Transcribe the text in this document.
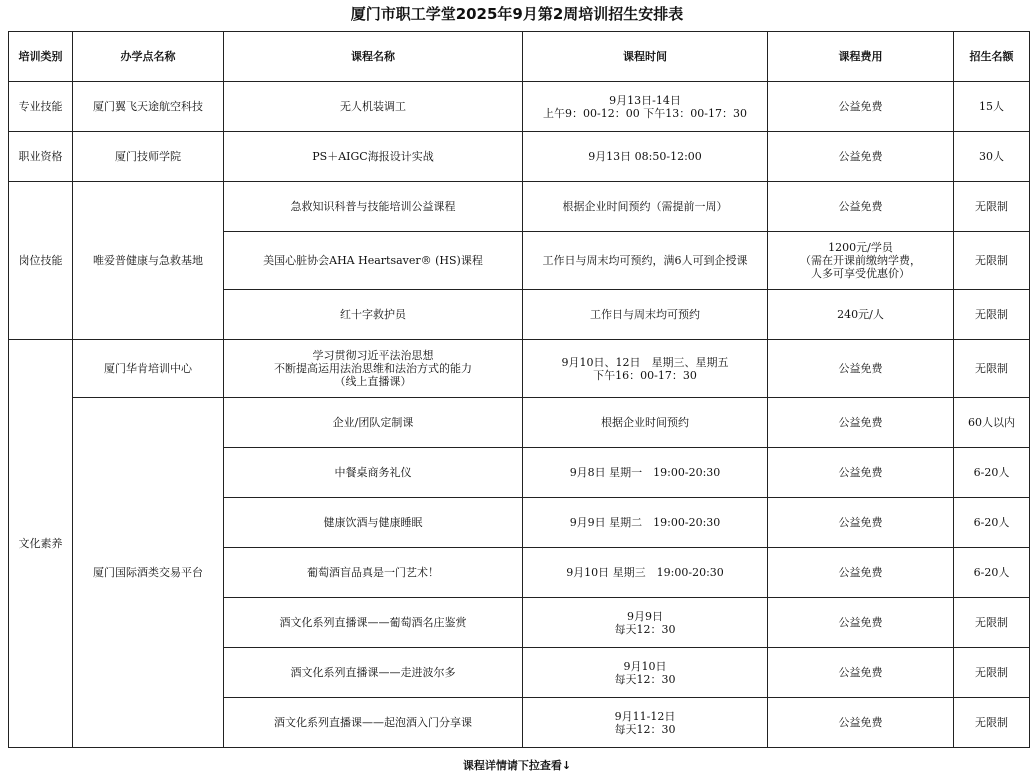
厦门市职工学堂2025年9月第2周培训招生安排表
培训类别	办学点名称	课程名称	课程时间	课程费用	招生名额
专业技能	厦门翼飞天途航空科技	无人机装调工	9月13日-14日
上午9：00-12：00 下午13：00-17：30	公益免费	15人
职业资格	厦门技师学院	PS＋AIGC海报设计实战	9月13日 08:50-12:00	公益免费	30人
岗位技能	唯爱普健康与急救基地	急救知识科普与技能培训公益课程	根据企业时间预约（需提前一周）	公益免费	无限制
		美国心脏协会AHA Heartsaver® (HS)课程	工作日与周末均可预约，满6人可到企授课	1200元/学员
（需在开课前缴纳学费，
人多可享受优惠价）	无限制
		红十字救护员	工作日与周末均可预约	240元/人	无限制
文化素养	厦门华肯培训中心	学习贯彻习近平法治思想
不断提高运用法治思维和法治方式的能力
（线上直播课）	9月10日、12日　星期三、星期五
下午16：00-17：30	公益免费	无限制
	厦门国际酒类交易平台	企业/团队定制课	根据企业时间预约	公益免费	60人以内
		中餐桌商务礼仪	9月8日 星期一　19:00-20:30	公益免费	6-20人
		健康饮酒与健康睡眠	9月9日 星期二　19:00-20:30	公益免费	6-20人
		葡萄酒盲品真是一门艺术！	9月10日 星期三　19:00-20:30	公益免费	6-20人
		酒文化系列直播课——葡萄酒名庄鉴赏	9月9日
每天12：30	公益免费	无限制
		酒文化系列直播课——走进波尔多	9月10日
每天12：30	公益免费	无限制
		酒文化系列直播课——起泡酒入门分享课	9月11-12日
每天12：30	公益免费	无限制
课程详情请下拉查看↓
